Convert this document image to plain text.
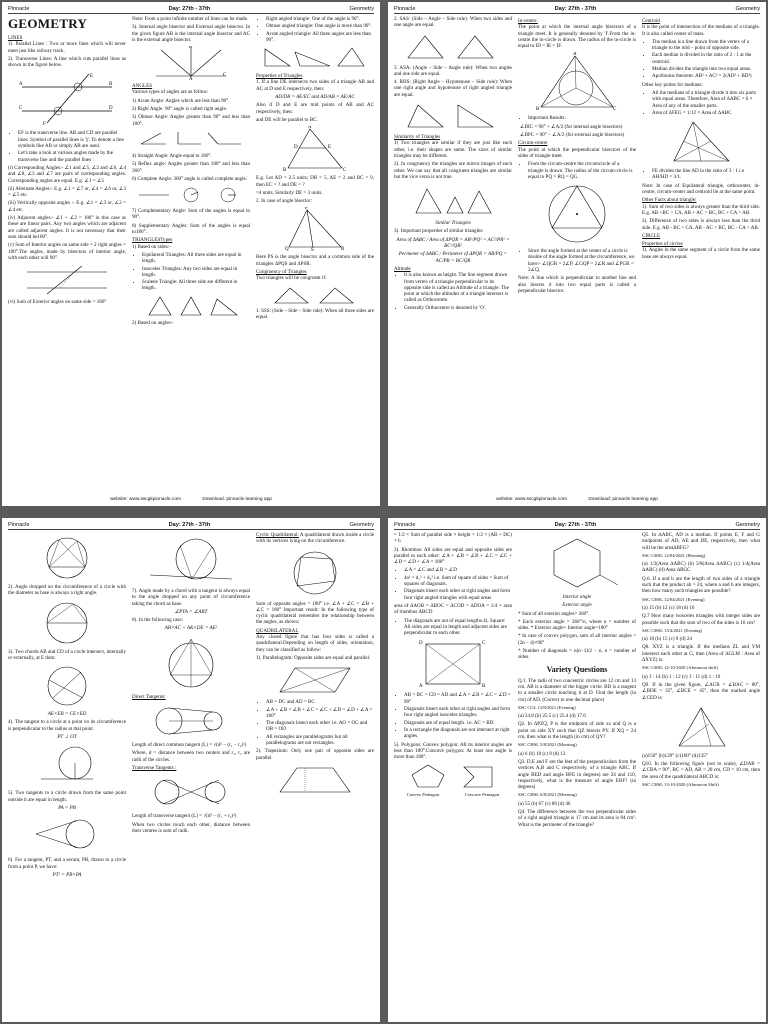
Pinnacle	Day: 27th - 37th	Geometry
GEOMETRY
LINES

1). Parallel Lines : Two or more lines which will never meet just like railway track.

2). Transverse Lines: A line which cuts parallel lines as shown in the figure below.

A	B
C	D
E
F
• EF is the transverse line. AB and CD are parallel lines. Symbol of parallel lines is '||'. To denote a line symbols like AB or simply AB are used.
• Let's take a look at various angles made by the transverse line and the parallel lines :

(i) Corresponding Angles:- ∠1 and ∠5, ∠2 and ∠6, ∠4 and ∠8, ∠3 and ∠7 are pairs of corresponding angles. Corresponding angles are equal. E.g. ∠1 = ∠5

(ii) Alternate Angles:- E.g. ∠1 = ∠7 or, ∠4 = ∠6 or, ∠3 = ∠5 etc.

(iii) Vertically opposite angles :- E.g. ∠1 = ∠3 or, ∠2 = ∠4 etc.

(iv) Adjacent angles:- ∠1 + ∠2 = 180° in this case as these are linear pairs. Any two angles which are adjacent are called adjacent angles. It is not necessary that their sum should be180°.

(v) Sum of Interior angles on same side = 2 right angles = 180°.The angles, made by bisectors of interior angle, with each other will 90°.

(vi) Sum of Exterior angles on same side = 180°

Note: From a point infinite number of lines can be made.

3). Internal angle bisector and External angle bisector. In the given figure AB is the internal angle bisector and AC is the external angle bisector.

B
C
A
ANGLES

Various types of angles are as follow:

1) Acute Angle: Angles which are less than 90°.

2) Right Angle: 90° angle is called right angle.

3) Obtuse Angle: Angles greater than 90° and less than 180°.

4) Straight Angle: Angle equal to 180°.

5) Reflex angle: Angles greater than 180° and less than 360°.

6) Complete Angle: 360° angle is called complete angle.

7) Complementary Angle: Sum of the angles is equal to 90°.

8) Supplementary Angles: Sum of the angles is equal to180°.

TRIANGLESTypes

1) Based on sides:-

• Equilateral Triangles: All three sides are equal in length.
• Isosceles Triangles: Any two sides are equal in length.
• Scalene Triangle: All three side are different in length.

2) Based on angles:-

• Right angled triangle: One of the angle is 90°.
• Obtuse angled triangle: One angle is more than 90°.
• Acute angled triangle: All three angles are less than 90°.
Properties of Triangles

1. If a line DE intersects two sides of a triangle AB and AC at D and E respectively, then:

AD/DB = AE/EC and AD/AB = AE/AC

Also if D and E are mid points of AB and AC respectively, then:

and DE will be parallel to BC.

A
D	E
B	C

E.g. Let AD = 2.5 units; DB = 5, AE = 2 and BC = 9, then EC = ? and DE = ?

=4 units. Similarly DE = 3 units.

2. In case of angle bisector:

P
Q	S	R

Here PS is the angle bisector and a common side of the triangles ΔPQS and ΔPSR.

Congruency of Triangles

Two triangles will be congruent if:

1. SSS: (Side – Side – Side rule): When all three sides are equal.

website: www.sscgkpinnacle.com	Download: pinnacle learning app
Pinnacle	Day: 27th - 37th	Geometry

2. SAS: (Side – Angle – Side rule): When two sides and one angle are equal.

3. ASA: (Angle – Side – Angle rule): When two angles and one side are equal.

4. RHS: (Right Angle – Hypotenuse – Side rule): When one right angle and hypotenuse of right angled triangle are equal.

Similarity of Triangles

1) Two triangles are similar if they are just like each other, i.e. their shapes are same. The sizes of similar triangles may be different.

2). In congruency the triangles are mirror images of each other. We can say that all congruent triangles are similar but the vice versa is not true.

Similar Triangles

3). Important properties of similar triangles:

Area of ΔABC / Area of ΔPQR = AB²/PQ² = AC²/PR² = BC²/QR²
Perimeter of ΔABC / Perimeter of ΔPQR = AB/PQ = AC/PR = BC/QR
Altitude
• It is also known as height. The line segment drawn from vertex of a triangle perpendicular to its opposite side is called an Altitude of a triangle. The point at which the altitudes of a triangle intersect is called as Orthocentre.
• Generally Orthocentre is denoted by 'O'.
In-centre:

The point at which the internal angle bisectors of a triangle meet. It is generally denoted by 'I'.From the in-centre the in-circle is drawn. The radius of the in-circle is equal to ID = IE = IF.

A
B	C
• Important Results:

∠BIC = 90° + ∠A/2 (for internal angle bisectors)

∠BPC = 90° − ∠A/2 (for external angle bisectors)

Circum-centre

The point at which the perpendicular bisectors of the sides of triangle meet.

• From the circum-centre the circumcircle of a triangle is drawn. The radius of the circum-circle is equal to PQ = RQ = QG.
• Since the angle formed at the center of a circle is double of the angle formed at the circumference, we have:- ∠QGR = 2∠P, ∠GQP = 2∠R and ∠PGR = 2∠Q.

Note: A line which is perpendicular to another line and also bisects it into two equal parts is called a perpendicular bisector.

Centroid

It is the point of intersection of the medians of a triangle. It is also called center of mass.

• The median is a line drawn from the vertex of a triangle to the mid – point of opposite side.
• Each median is divided in the ratio of 2 : 1 at the centroid.
• Median divides the triangle into two equal areas.
• Apollonius theorem: AB² + AC² = 2(AD² + BD²)

Other key points for medians:

• All the medians of a triangle divide it into six parts with equal areas. Therefore, Area of ΔABC = 6 × Area of any of the smaller parts.
• Area of ΔFEG = 1/12 × Area of ΔABC
• FE divides the line AD in the ratio of 3 : 1 i.e AH/HD = 3/1.

Note: In case of Equilateral triangle, orthocenter, in-centre, circum-center and centroid lie at the same point.

Other Facts about triangle:

1). Sum of two sides is always greater than the third side. E.g. AB +BC > CA, AB + AC > BC, BC + CA > AB.

2). Difference of two sides is always less than the third side. E.g. AB - BC < CA, AB - AC < BC, BC - CA < AB.

CIRCLE
Properties of circles

1). Angles in the same segment of a circle from the same base are always equal.

website: www.sscgkpinnacle.com	Download: pinnacle learning app
Pinnacle	Day: 27th - 37th	Geometry

2). Angle dropped on the circumference of a circle with the diameter as base is always a right angle.

3). Two chords AB and CD of a circle intersect, internally or externally, at E then:

AE×EB = CE×ED

4). The tangent to a circle at a point on its circumference is perpendicular to the radius at that point.

PT ⊥ OT

5). Two tangents to a circle drawn from the same point outside it are equal in length.

PA = PB

6). For a tangent, PT, and a secant, PB, drawn to a circle from a point P, we have:

PT² = PB×PA

7). Angle made by a chord with a tangent is always equal to the angle dropped on any point of circumference taking the chord as base.

∠PTA = ∠ABT

8). In the following case:

AB×AC + AK×DE = AE²
Direct Tangents:

Length of direct common tangent (L) = √(d² − (r₁ − r₂)²)

Where, d = distance between two centers and r₁, r₂ are radii of the circles.

Transverse Tangents :

Length of transverse tangent (L) = √(d² − (r₁ + r₂)²)

When two circles touch each other, distance between their centres is sum of radii.

Cyclic Quadrilateral: A quadrilateral drawn inside a circle with its vertices lying on the circumference.

Sum of opposite angles = 180° i.e. ∠A + ∠C = ∠B + ∠C = 180° Important result: In the following type of cyclic quadrilateral remember the relationship between the angles, as shown:

QUADRILATERAL

Any closed figure that has four sides is called a quadrilateral.Depending on length of sides, orientation, they can be classified as follow:

1). Parallelogram: Opposite sides are equal and parallel.

• AB = DC and AD = BC
• ∠A + ∠B = ∠B + ∠C = ∠C + ∠D = ∠D + ∠A = 180°
• The diagonals bisect each other i.e. AO = OC and OB = OD
• All rectangles are parallelograms but all parallelograms are not rectangles.

2). Trapezium: Only one pair of opposite sides are parallel.

Pinnacle	Day: 27th - 37th	Geometry

= 1/2 × Sum of parallel side × height = 1/2 × (AB + DC) × h

3). Rhombus: All sides are equal and opposite sides are parallel to each other: ∠A + ∠B = ∠B + ∠C = ∠C + ∠D = ∠D + ∠A = 180°

• ∠A = ∠C and ∠B = ∠D
• 4a² = d₁² + d₂² i.e. Sum of square of sides = Sum of squares of diagonals.
• Diagonals bisect each other at right angles and form four right angled triangles with equal areas

area of ΔAOB = ΔBOC = ΔCOD = ΔDOA = 1/4 × area of rhombus ABCD

• The diagonals are not of equal lengths.4). Square: All sides are equal in length and adjacent sides are perpendicular to each other.
D	C
A	B
• AB = BC = CD = AD and ∠A = ∠B = ∠C = ∠D = 90°
• Diagonals bisect each other at right angles and form four right angled isosceles triangles.
• Diagonals are of equal length. i.e. AC = BD.
• In a rectangle the diagonals are not intersect at right angles.

5). Polygons: Convex polygon: All its interior angles are less than 180°.Concave polygon: At least one angle is more than 180°.

Convex Pentagon	Concave Pentagon
Interior angle
Exterior angle

* Sum of all exterior angles= 360°.

* Each exterior angle = 360°/n, where n = number of sides. * Exterior angle+ Interior angle=180°

* In case of convex polygon, sum of all interior angles = (2n − 4)×90°

* Number of diagonals = n(n−1)/2 − n, n = number of sides.

Variety Questions

Q.1. The radii of two concentric circles are 12 cm and 13 cm. AB is a diameter of the bigger circle. BD is a tangent to a smaller circle touching it at D. Find the length (in cm) of AD. (Correct to one decimal place)

SSC CGL 13/8/2021 (Evening)

(a) 24.8 (b) 25.5 (c) 25.4 (d) 17.6

Q2. In ΔPZQ, P is the midpoint of side xz and Q is a point on side XY such that QZ bisects PY. If XQ = 24 cm, then what is the length (in cm) of QY?

SSC CHSL 5/8/2021 (Morning)

(a) 6 (b) 18 (c) 8 (d) 12

Q3. D,E and F are the feet of the perpendiculars from the vertices A,B and C respectively, of a triangle ABC. If angle BED and angle BFE in degrees) are 24 and 110, respectively, what is the measure of angle EBF? (in degrees)

SSC CHSL 6/8/2021 (Morning)

(a) 55 (b) 67 (c) 86 (d) 46

Q4. The difference between the two perpendicular sides of a right angled triangle is 17 cm and its area is 84 cm². What is the perimeter of the triangle?

Q5. In ΔABC, AD is a median. If points E, F and G midpoints of AD, AE and DE, respectively, then what will be the areaΔBFG?

SSC CHSL 12/04/2021 (Morning)

(a) 1/2(Area ΔABC) (b) 3/8(Area ΔABC) (c) 1/4(Area ΔABC) (d) Area ΔBGC

Q.6. If a and b are the length of two sides of a triangle such that the product ab = 24, where a and b are integers, then how many such triangles are possible?

SSC CHSL 12/04/2021 (Evening)

(a) 15 (b) 12 (c) 18 (d) 16

Q.7 How many isosceles triangles with integer sides are possible such that the sum of two of the sides is 16 cm?

SSC CHSL 13/4/2021 (Evening)

(a) 18 (b) 15 (c) 9 (d) 24

Q8. XYZ is a triangle. If the medians ZL and YM intersect each other at G, then (Area of ΔGLM : Area of ΔXYZ) is:

SSC CHSL 12-10-2020 (Afternoon shift)

(a) 1 : 14 (b) 1 : 12 (c) 1 : 11 (d) 1 : 10

Q9. If in the given figure, ∠ACB = ∠BAC = 80°, ∠BDE = 35°, ∠BCE = 45°, then the marked angle ∠CED is:

(a)150° (b)120° (c)160° (d)135°

Q10. In the following figure (not to scale), ∠DAB = ∠CBA = 90°, BC = AD, AB = 20 cm, CD = 10 cm, then the area of the quadrilateral ABCD is:

SSC CHSL 13-10-2020 (Afternoon Shift)
